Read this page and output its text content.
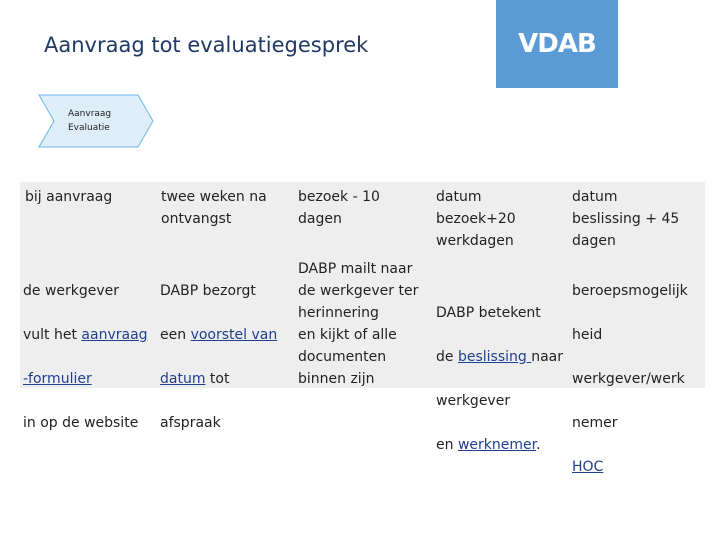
Aanvraag tot evaluatiegesprek	VDAB
Aanvraag
Evaluatie
bij aanvraag	twee weken na
ontvangst
bezoek - 10
dagen
datum
bezoek+20
werkdagen
datum
beslissing + 45
dagen

de werkgever

vult het aanvraag

-formulier

in op de website

DABP bezorgt

een voorstel van

datum tot

afspraak

DABP mailt naar
de werkgever ter
herinnering
en kijkt of alle
documenten
binnen zijn

DABP betekent

de beslissing naar

werkgever

en werknemer.

beroepsmogelijk

heid

werkgever/werk

nemer

HOC
